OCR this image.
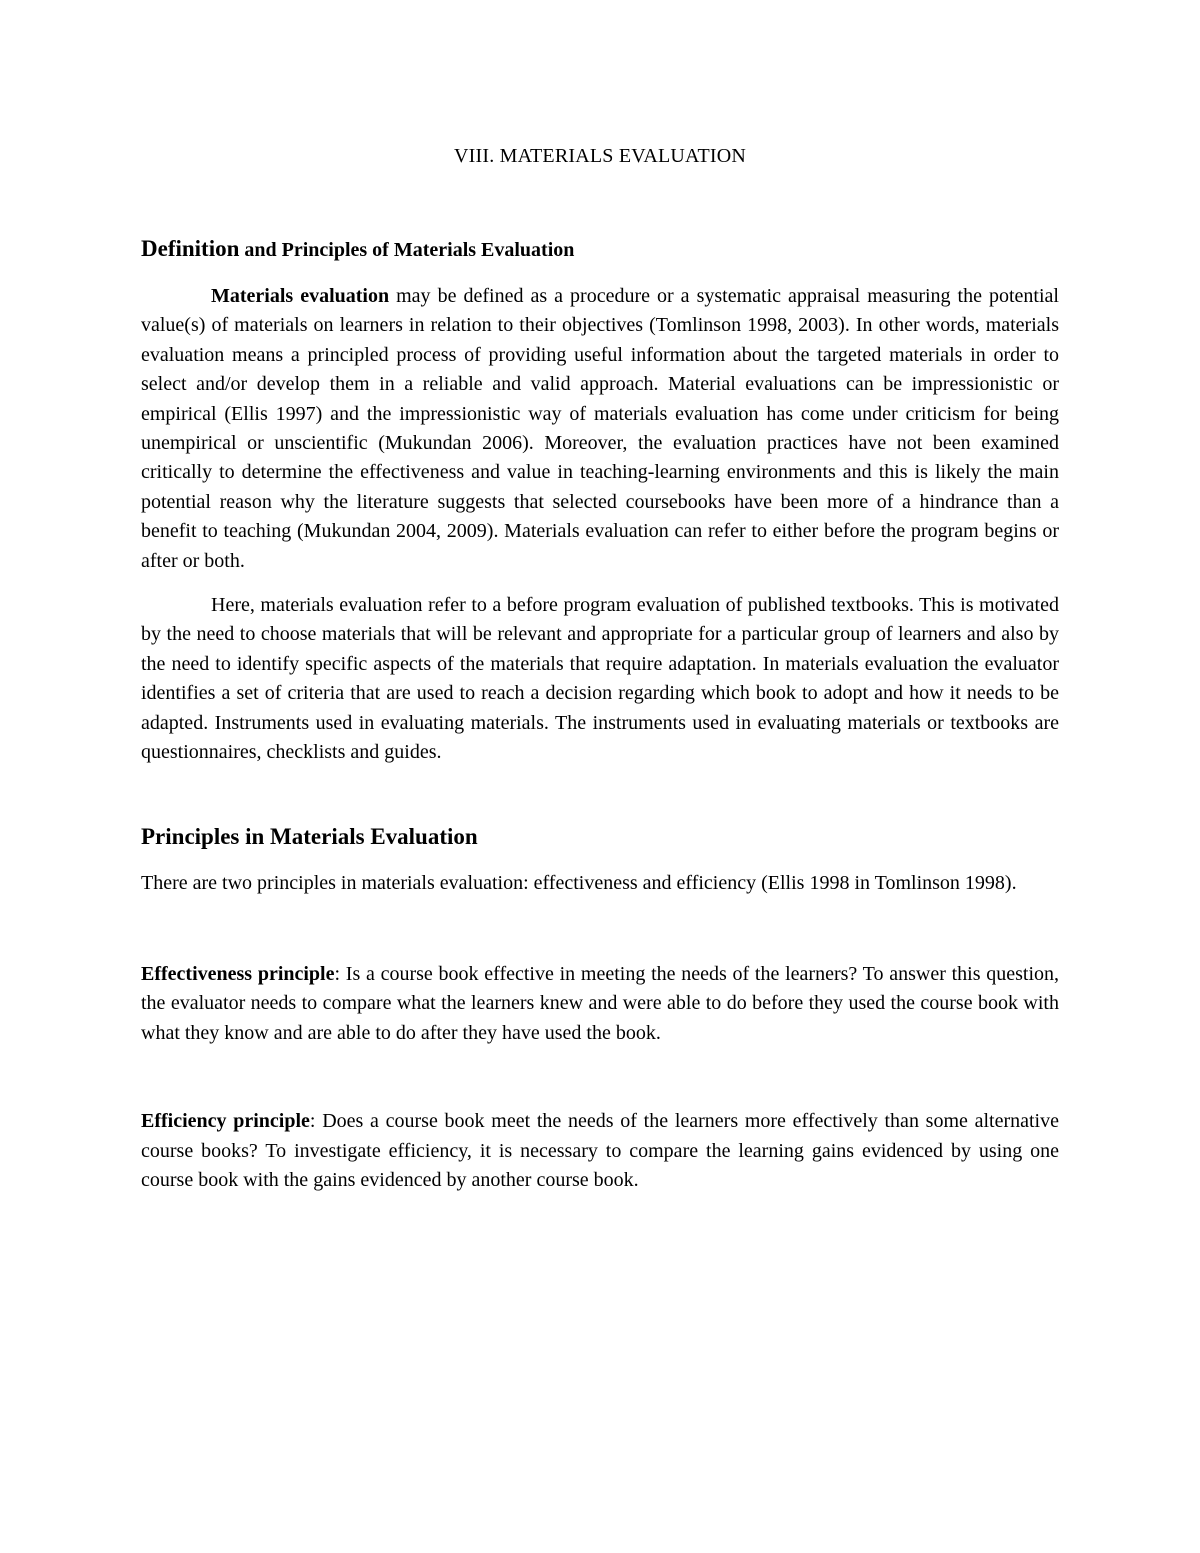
VIII. MATERIALS EVALUATION
Definition and Principles of Materials Evaluation

Materials evaluation may be defined as a procedure or a systematic appraisal measuring the potential value(s) of materials on learners in relation to their objectives (Tomlinson 1998, 2003). In other words, materials evaluation means a principled process of providing useful information about the targeted materials in order to select and/or develop them in a reliable and valid approach. Material evaluations can be impressionistic or empirical (Ellis 1997) and the impressionistic way of materials evaluation has come under criticism for being unempirical or unscientific (Mukundan 2006). Moreover, the evaluation practices have not been examined critically to determine the effectiveness and value in teaching-learning environments and this is likely the main potential reason why the literature suggests that selected coursebooks have been more of a hindrance than a benefit to teaching (Mukundan 2004, 2009). Materials evaluation can refer to either before the program begins or after or both.

Here, materials evaluation refer to a before program evaluation of published textbooks. This is motivated by the need to choose materials that will be relevant and appropriate for a particular group of learners and also by the need to identify specific aspects of the materials that require adaptation. In materials evaluation the evaluator identifies a set of criteria that are used to reach a decision regarding which book to adopt and how it needs to be adapted. Instruments used in evaluating materials. The instruments used in evaluating materials or textbooks are questionnaires, checklists and guides.

Principles in Materials Evaluation

There are two principles in materials evaluation: effectiveness and efficiency (Ellis 1998 in Tomlinson 1998).

Effectiveness principle: Is a course book effective in meeting the needs of the learners? To answer this question, the evaluator needs to compare what the learners knew and were able to do before they used the course book with what they know and are able to do after they have used the book.

Efficiency principle: Does a course book meet the needs of the learners more effectively than some alternative course books? To investigate efficiency, it is necessary to compare the learning gains evidenced by using one course book with the gains evidenced by another course book.
